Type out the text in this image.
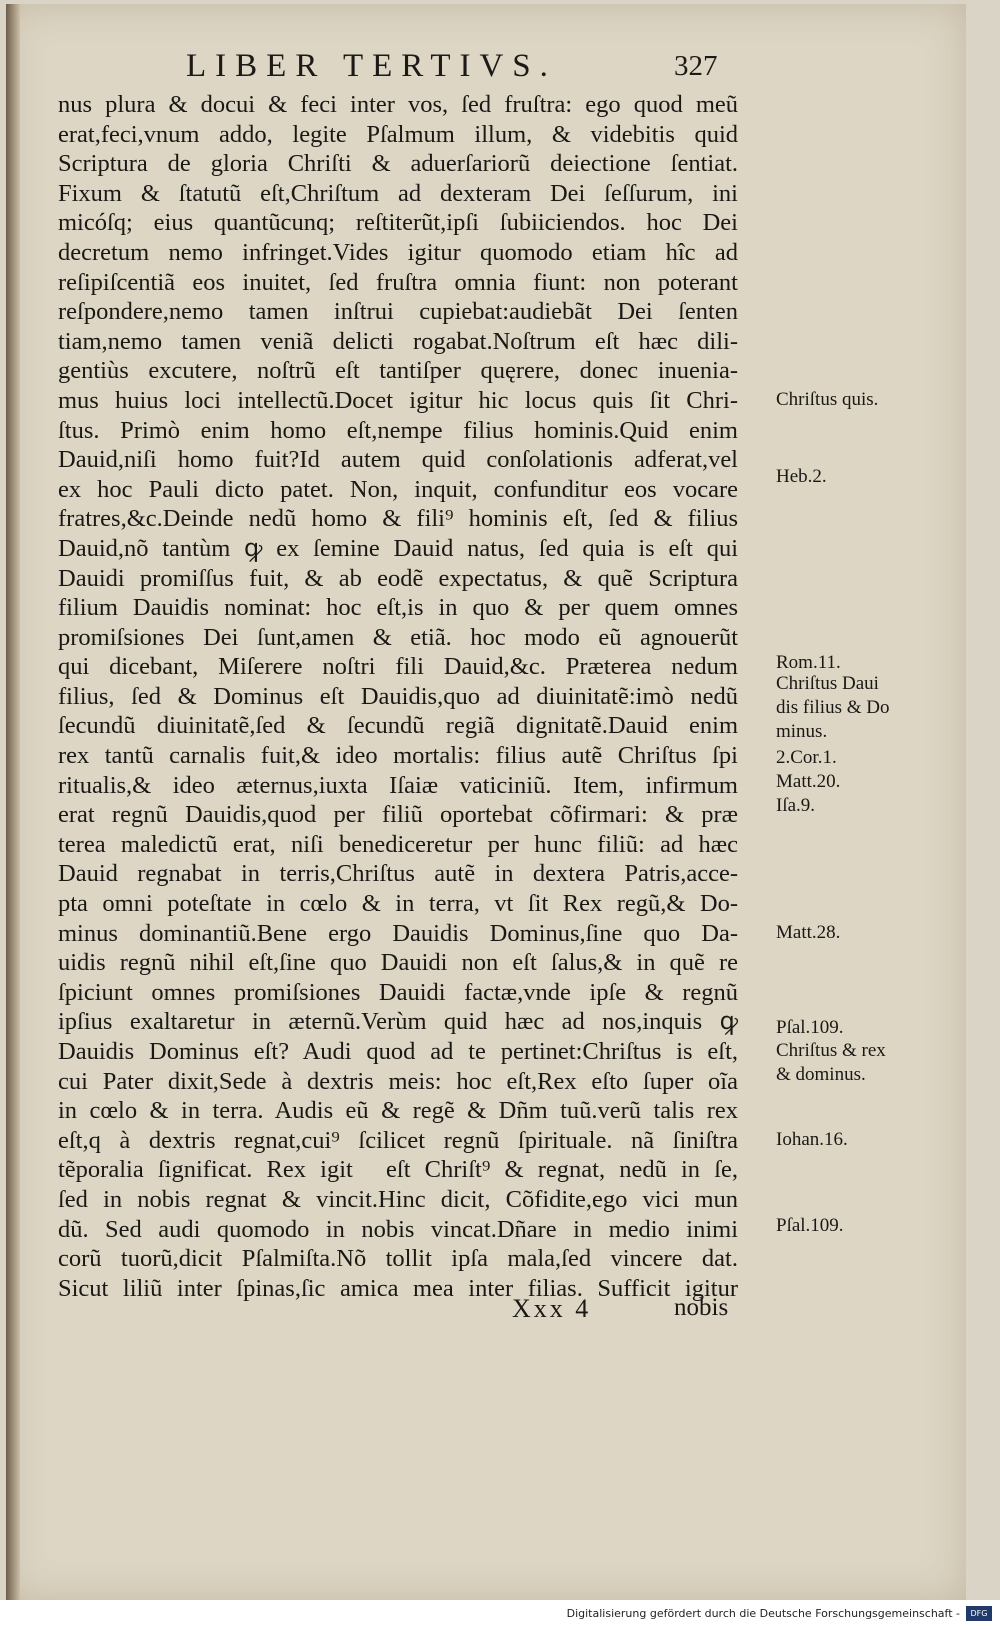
LIBER TERTIVS.	327
nus plura & docui & feci inter vos, ſed fruſtra: ego quod meũ
erat,feci,vnum addo, legite Pſalmum illum, & videbitis quid
Scriptura de gloria Chriſti & aduerſariorũ deiectione ſentiat.
Fixum & ſtatutũ eſt,Chriſtum ad dexteram Dei ſeſſurum, ini
micóſq; eius quantũcunq; reſtiterũt,ipſi ſubiiciendos. hoc Dei
decretum nemo infringet.Vides igitur quomodo etiam hîc ad
reſipiſcentiã eos inuitet, ſed fruſtra omnia fiunt: non poterant
reſpondere,nemo tamen inſtrui cupiebat:audiebãt Dei ſenten
tiam,nemo tamen veniã delicti rogabat.Noſtrum eſt hæc dili-
gentiùs excutere, noſtrũ eſt tantiſper quęrere, donec inuenia-
mus huius loci intellectũ.Docet igitur hic locus quis ſit Chri-
ſtus. Primò enim homo eſt,nempe filius hominis.Quid enim
Dauid,niſi homo fuit?Id autem quid conſolationis adferat,vel
ex hoc Pauli dicto patet. Non, inquit, confunditur eos vocare
fratres,&c.Deinde nedũ homo & fili⁹ hominis eſt, ſed & filius
Dauid,nõ tantùm ꝙ ex ſemine Dauid natus, ſed quia is eſt qui
Dauidi promiſſus fuit, & ab eodẽ expectatus, & quẽ Scriptura
filium Dauidis nominat: hoc eſt,is in quo & per quem omnes
promiſsiones Dei ſunt,amen & etiã. hoc modo eũ agnouerũt
qui dicebant, Miſerere noſtri fili Dauid,&c. Præterea nedum
filius, ſed & Dominus eſt Dauidis,quo ad diuinitatẽ:imò nedũ
ſecundũ diuinitatẽ,ſed & ſecundũ regiã dignitatẽ.Dauid enim
rex tantũ carnalis fuit,& ideo mortalis: filius autẽ Chriſtus ſpi
ritualis,& ideo æternus,iuxta Iſaiæ vaticiniũ. Item, infirmum
erat regnũ Dauidis,quod per filiũ oportebat cõfirmari: & præ
terea maledictũ erat, niſi benediceretur per hunc filiũ: ad hæc
Dauid regnabat in terris,Chriſtus autẽ in dextera Patris,acce-
pta omni poteſtate in cœlo & in terra, vt ſit Rex regũ,& Do-
minus dominantiũ.Bene ergo Dauidis Dominus,ſine quo Da-
uidis regnũ nihil eſt,ſine quo Dauidi non eſt ſalus,& in quẽ re
ſpiciunt omnes promiſsiones Dauidi factæ,vnde ipſe & regnũ
ipſius exaltaretur in æternũ.Verùm quid hæc ad nos,inquis ꝙ
Dauidis Dominus eſt? Audi quod ad te pertinet:Chriſtus is eſt,
cui Pater dixit,Sede à dextris meis: hoc eſt,Rex eſto ſuper oĩa
in cœlo & in terra. Audis eũ & regẽ & Dñm tuũ.verũ talis rex
eſt,q à dextris regnat,cui⁹ ſcilicet regnũ ſpirituale. nã ſiniſtra
tẽporalia ſignificat. Rex igit᷑ eſt Chriſt⁹ & regnat, nedũ in ſe,
ſed in nobis regnat & vincit.Hinc dicit, Cõfidite,ego vici mun
dũ. Sed audi quomodo in nobis vincat.Dñare in medio inimi
corũ tuorũ,dicit Pſalmiſta.Nõ tollit ipſa mala,ſed vincere dat.
Sicut liliũ inter ſpinas,ſic amica mea inter filias. Sufficit igitur
Chriſtus quis.
Heb.2.
Rom.11.
Chriſtus Daui
dis filius & Do
minus.
2.Cor.1.
Matt.20.
Iſa.9.
Matt.28.
Pſal.109.
Chriſtus & rex
& dominus.
Iohan.16.
Pſal.109.
Xxx 4	nobis
Digitalisierung gefördert durch die Deutsche Forschungsgemeinschaft -	DFG
